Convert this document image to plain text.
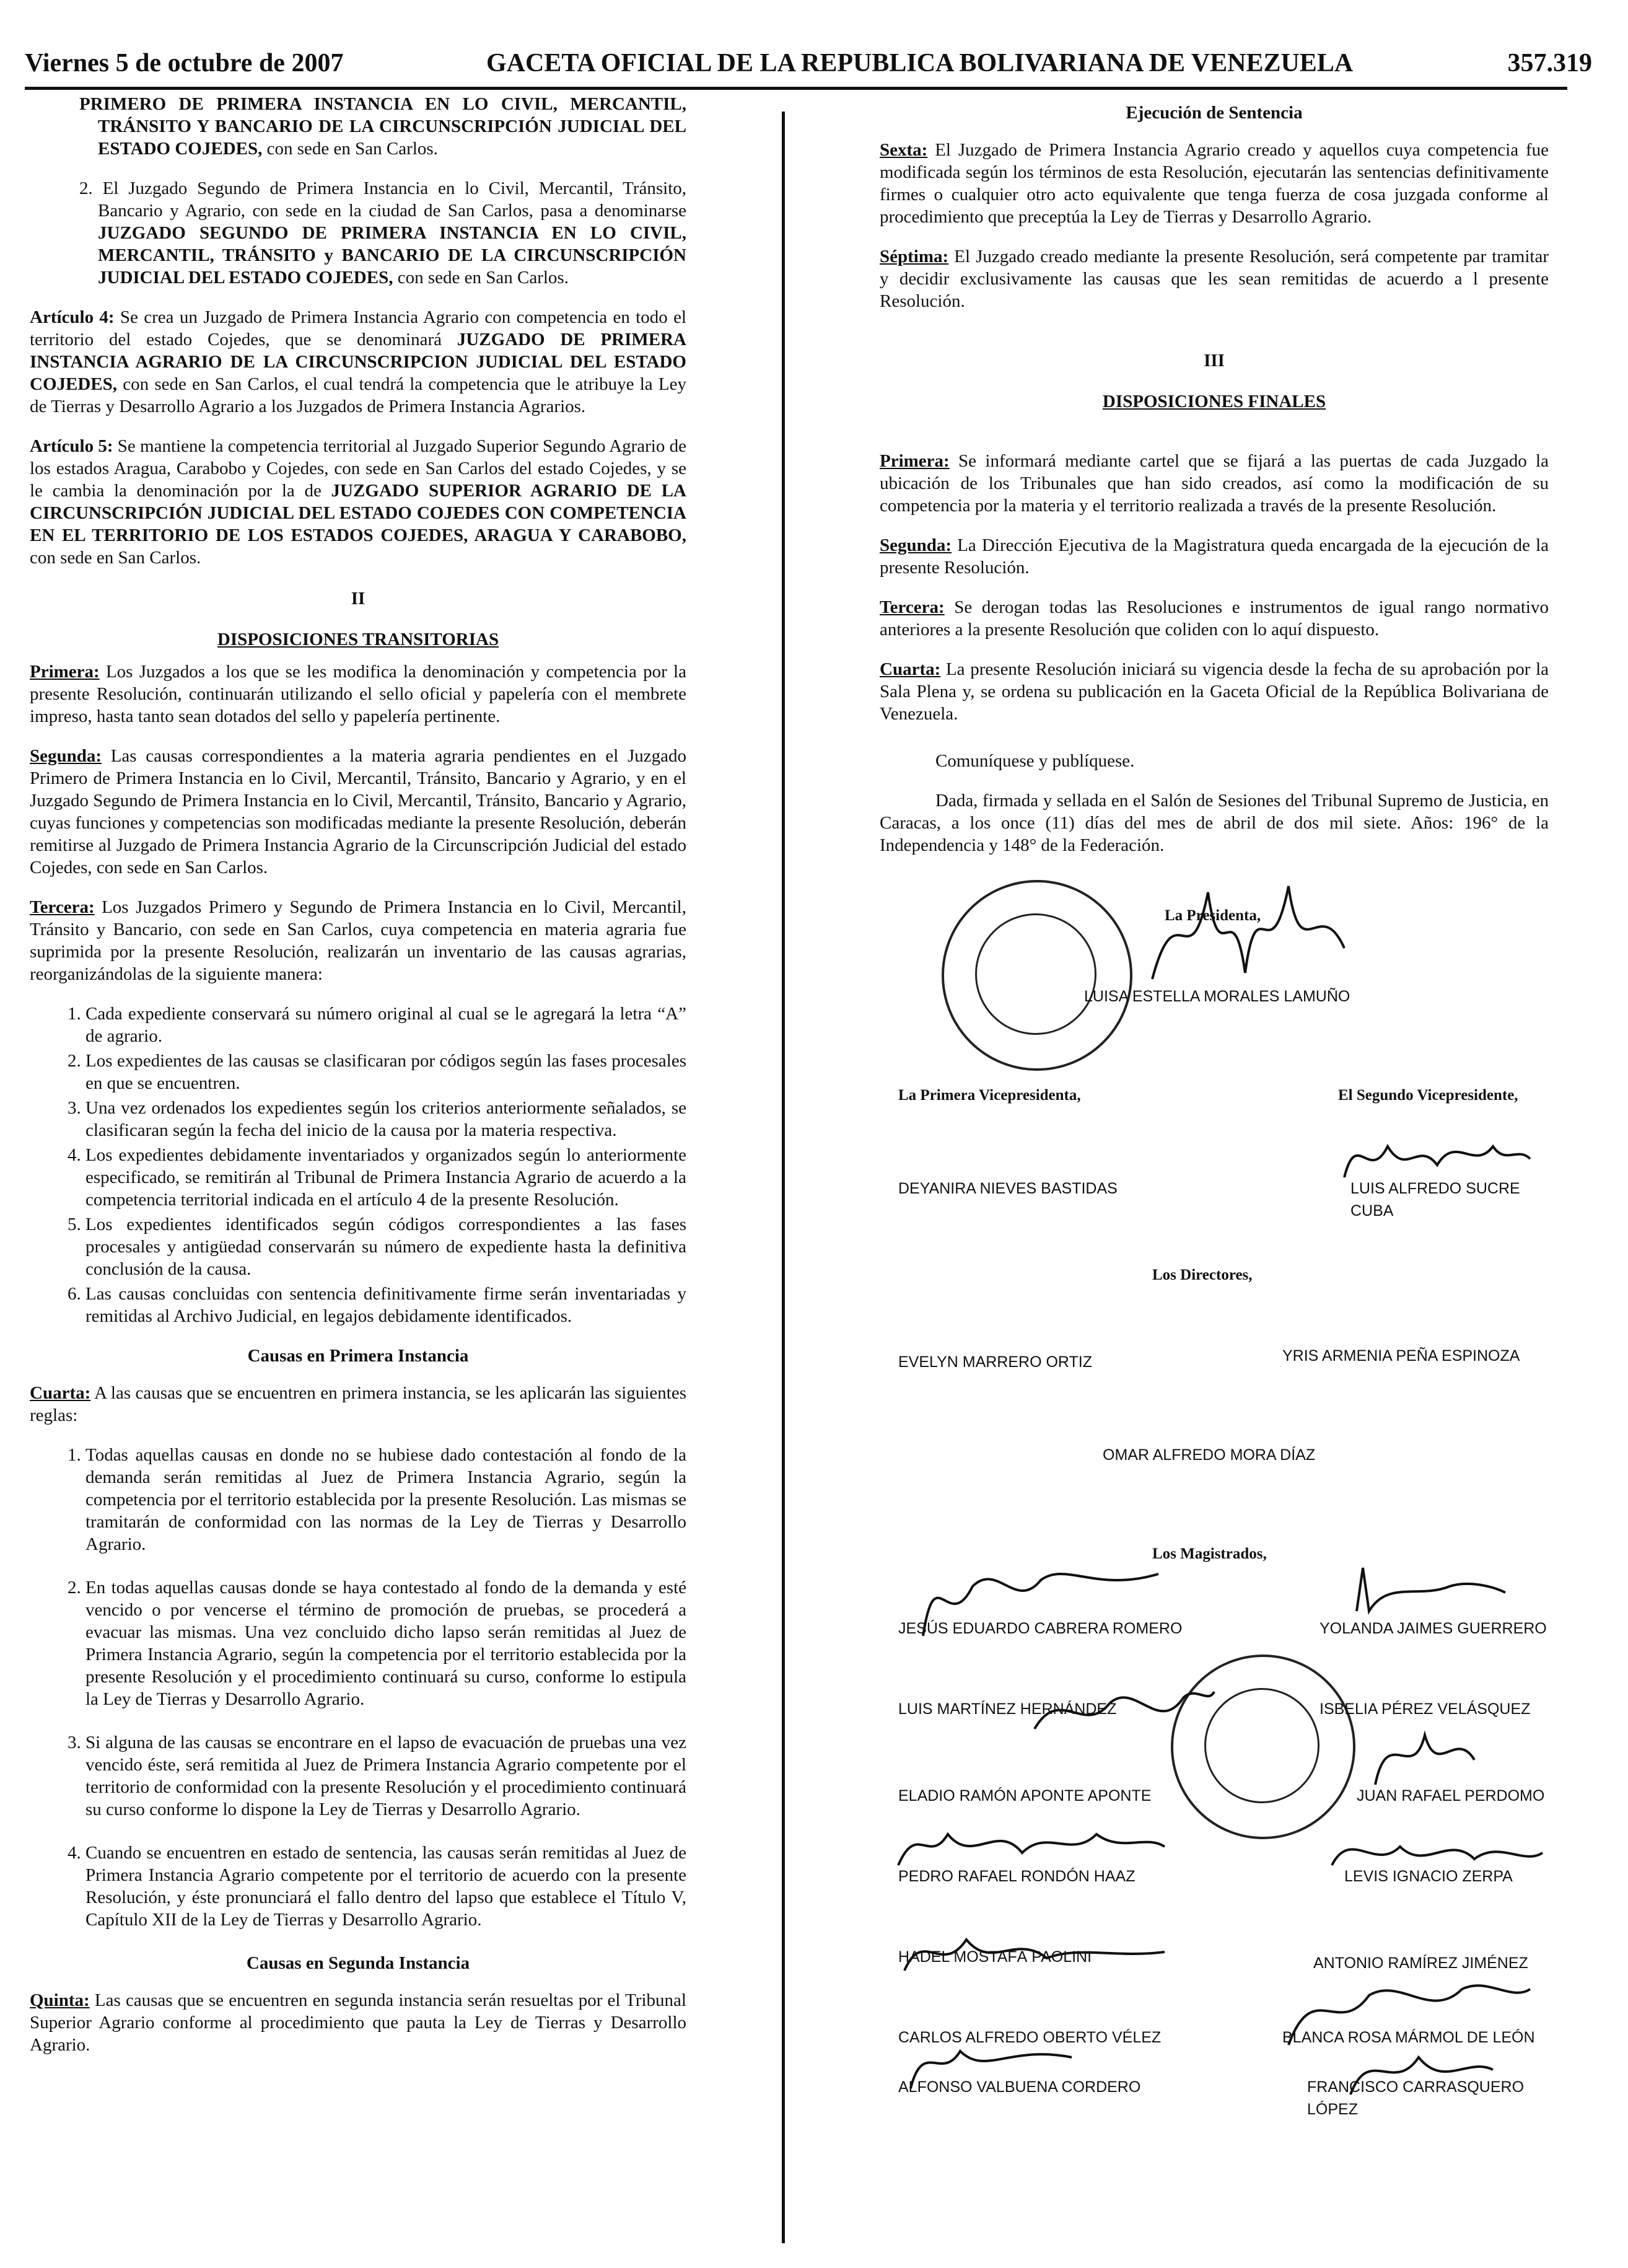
Viernes 5 de octubre de 2007	GACETA OFICIAL DE LA REPUBLICA BOLIVARIANA DE VENEZUELA	357.319

PRIMERO DE PRIMERA INSTANCIA EN LO CIVIL, MERCANTIL, TRÁNSITO Y BANCARIO DE LA CIRCUNSCRIPCIÓN JUDICIAL DEL ESTADO COJEDES, con sede en San Carlos.

2. El Juzgado Segundo de Primera Instancia en lo Civil, Mercantil, Tránsito, Bancario y Agrario, con sede en la ciudad de San Carlos, pasa a denominarse JUZGADO SEGUNDO DE PRIMERA INSTANCIA EN LO CIVIL, MERCANTIL, TRÁNSITO y BANCARIO DE LA CIRCUNSCRIPCIÓN JUDICIAL DEL ESTADO COJEDES, con sede en San Carlos.

Artículo 4: Se crea un Juzgado de Primera Instancia Agrario con competencia en todo el territorio del estado Cojedes, que se denominará JUZGADO DE PRIMERA INSTANCIA AGRARIO DE LA CIRCUNSCRIPCION JUDICIAL DEL ESTADO COJEDES, con sede en San Carlos, el cual tendrá la competencia que le atribuye la Ley de Tierras y Desarrollo Agrario a los Juzgados de Primera Instancia Agrarios.

Artículo 5: Se mantiene la competencia territorial al Juzgado Superior Segundo Agrario de los estados Aragua, Carabobo y Cojedes, con sede en San Carlos del estado Cojedes, y se le cambia la denominación por la de JUZGADO SUPERIOR AGRARIO DE LA CIRCUNSCRIPCIÓN JUDICIAL DEL ESTADO COJEDES CON COMPETENCIA EN EL TERRITORIO DE LOS ESTADOS COJEDES, ARAGUA Y CARABOBO, con sede en San Carlos.

II
DISPOSICIONES TRANSITORIAS

Primera: Los Juzgados a los que se les modifica la denominación y competencia por la presente Resolución, continuarán utilizando el sello oficial y papelería con el membrete impreso, hasta tanto sean dotados del sello y papelería pertinente.

Segunda: Las causas correspondientes a la materia agraria pendientes en el Juzgado Primero de Primera Instancia en lo Civil, Mercantil, Tránsito, Bancario y Agrario, y en el Juzgado Segundo de Primera Instancia en lo Civil, Mercantil, Tránsito, Bancario y Agrario, cuyas funciones y competencias son modificadas mediante la presente Resolución, deberán remitirse al Juzgado de Primera Instancia Agrario de la Circunscripción Judicial del estado Cojedes, con sede en San Carlos.

Tercera: Los Juzgados Primero y Segundo de Primera Instancia en lo Civil, Mercantil, Tránsito y Bancario, con sede en San Carlos, cuya competencia en materia agraria fue suprimida por la presente Resolución, realizarán un inventario de las causas agrarias, reorganizándolas de la siguiente manera:

1. Cada expediente conservará su número original al cual se le agregará la letra “A” de agrario.
2. Los expedientes de las causas se clasificaran por códigos según las fases procesales en que se encuentren.
3. Una vez ordenados los expedientes según los criterios anteriormente señalados, se clasificaran según la fecha del inicio de la causa por la materia respectiva.
4. Los expedientes debidamente inventariados y organizados según lo anteriormente especificado, se remitirán al Tribunal de Primera Instancia Agrario de acuerdo a la competencia territorial indicada en el artículo 4 de la presente Resolución.
5. Los expedientes identificados según códigos correspondientes a las fases procesales y antigüedad conservarán su número de expediente hasta la definitiva conclusión de la causa.
6. Las causas concluidas con sentencia definitivamente firme serán inventariadas y remitidas al Archivo Judicial, en legajos debidamente identificados.
Causas en Primera Instancia

Cuarta: A las causas que se encuentren en primera instancia, se les aplicarán las siguientes reglas:

1. Todas aquellas causas en donde no se hubiese dado contestación al fondo de la demanda serán remitidas al Juez de Primera Instancia Agrario, según la competencia por el territorio establecida por la presente Resolución. Las mismas se tramitarán de conformidad con las normas de la Ley de Tierras y Desarrollo Agrario.
2. En todas aquellas causas donde se haya contestado al fondo de la demanda y esté vencido o por vencerse el término de promoción de pruebas, se procederá a evacuar las mismas. Una vez concluido dicho lapso serán remitidas al Juez de Primera Instancia Agrario, según la competencia por el territorio establecida por la presente Resolución y el procedimiento continuará su curso, conforme lo estipula la Ley de Tierras y Desarrollo Agrario.
3. Si alguna de las causas se encontrare en el lapso de evacuación de pruebas una vez vencido éste, será remitida al Juez de Primera Instancia Agrario competente por el territorio de conformidad con la presente Resolución y el procedimiento continuará su curso conforme lo dispone la Ley de Tierras y Desarrollo Agrario.
4. Cuando se encuentren en estado de sentencia, las causas serán remitidas al Juez de Primera Instancia Agrario competente por el territorio de acuerdo con la presente Resolución, y éste pronunciará el fallo dentro del lapso que establece el Título V, Capítulo XII de la Ley de Tierras y Desarrollo Agrario.
Causas en Segunda Instancia

Quinta: Las causas que se encuentren en segunda instancia serán resueltas por el Tribunal Superior Agrario conforme al procedimiento que pauta la Ley de Tierras y Desarrollo Agrario.

Ejecución de Sentencia

Sexta: El Juzgado de Primera Instancia Agrario creado y aquellos cuya competencia fue modificada según los términos de esta Resolución, ejecutarán las sentencias definitivamente firmes o cualquier otro acto equivalente que tenga fuerza de cosa juzgada conforme al procedimiento que preceptúa la Ley de Tierras y Desarrollo Agrario.

Séptima: El Juzgado creado mediante la presente Resolución, será competente par tramitar y decidir exclusivamente las causas que les sean remitidas de acuerdo a l presente Resolución.

III
DISPOSICIONES FINALES

Primera: Se informará mediante cartel que se fijará a las puertas de cada Juzgado la ubicación de los Tribunales que han sido creados, así como la modificación de su competencia por la materia y el territorio realizada a través de la presente Resolución.

Segunda: La Dirección Ejecutiva de la Magistratura queda encargada de la ejecución de la presente Resolución.

Tercera: Se derogan todas las Resoluciones e instrumentos de igual rango normativo anteriores a la presente Resolución que coliden con lo aquí dispuesto.

Cuarta: La presente Resolución iniciará su vigencia desde la fecha de su aprobación por la Sala Plena y, se ordena su publicación en la Gaceta Oficial de la República Bolivariana de Venezuela.

Comuníquese y publíquese.

Dada, firmada y sellada en el Salón de Sesiones del Tribunal Supremo de Justicia, en Caracas, a los once (11) días del mes de abril de dos mil siete. Años: 196° de la Independencia y 148° de la Federación.

La Presidenta,
LUISA ESTELLA MORALES LAMUÑO
La Primera Vicepresidenta,	El Segundo Vicepresidente,
DEYANIRA NIEVES BASTIDAS	LUIS ALFREDO SUCRE CUBA
Los Directores,
EVELYN MARRERO ORTIZ	YRIS ARMENIA PEÑA ESPINOZA
OMAR ALFREDO MORA DÍAZ
Los Magistrados,
JESÚS EDUARDO CABRERA ROMERO	YOLANDA JAIMES GUERRERO
LUIS MARTÍNEZ HERNÁNDEZ	ISBELIA PÉREZ VELÁSQUEZ
ELADIO RAMÓN APONTE APONTE	JUAN RAFAEL PERDOMO
PEDRO RAFAEL RONDÓN HAAZ	LEVIS IGNACIO ZERPA
HADEL MOSTAFÁ PAOLINI	ANTONIO RAMÍREZ JIMÉNEZ
CARLOS ALFREDO OBERTO VÉLEZ	BLANCA ROSA MÁRMOL DE LEÓN
ALFONSO VALBUENA CORDERO	FRANCISCO CARRASQUERO LÓPEZ
